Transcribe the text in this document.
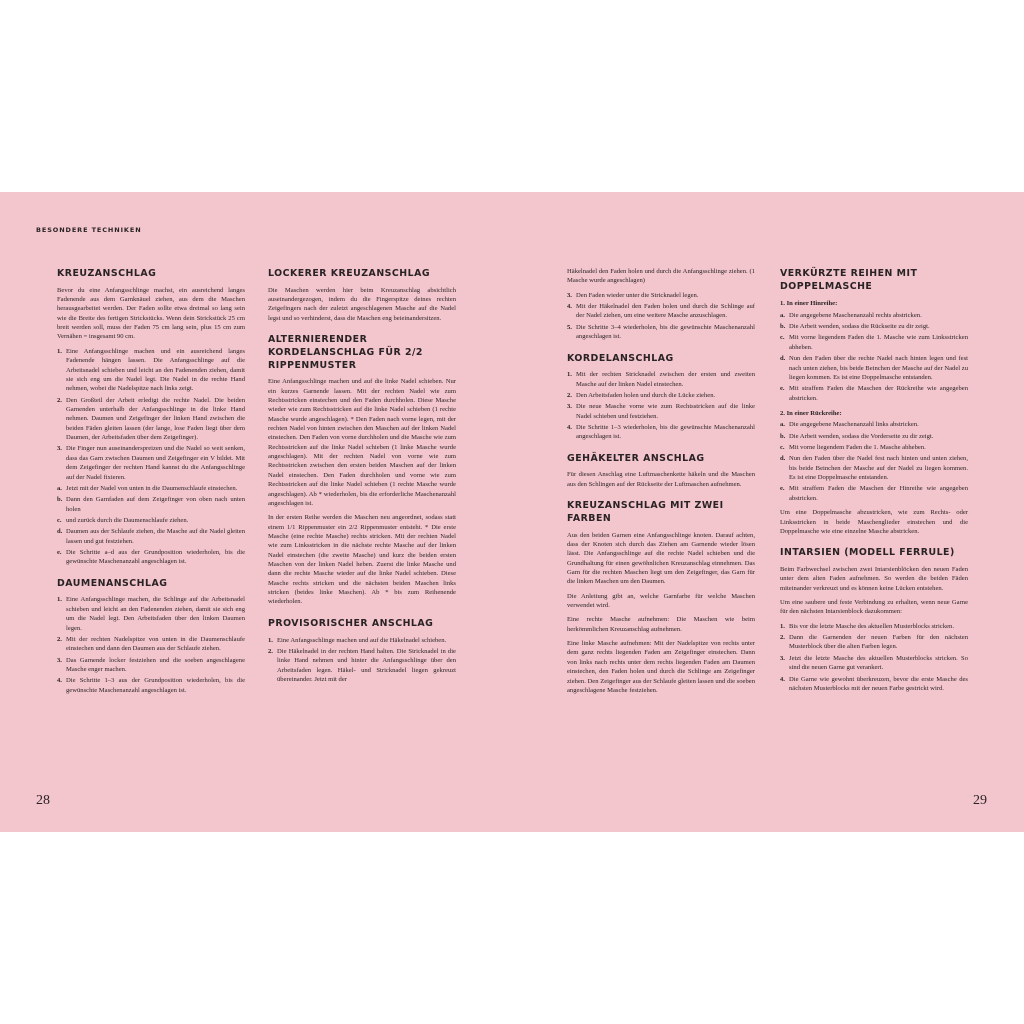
BESONDERE TECHNIKEN
KREUZANSCHLAG

Bevor du eine Anfangsschlinge machst, ein ausreichend langes Fadenende aus dem Garnknäuel ziehen, aus dem die Maschen herausgearbeitet werden. Der Faden sollte etwa dreimal so lang sein wie die Breite des fertigen Strickstücks. Wenn dein Strickstück 25 cm breit werden soll, muss der Faden 75 cm lang sein, plus 15 cm zum Vernähen = insgesamt 90 cm.

1. Eine Anfangsschlinge machen und ein ausreichend langes Fadenende hängen lassen. Die Anfangsschlinge auf die Arbeitsnadel schieben und leicht an den Fadenenden ziehen, damit sie sich eng um die Nadel legt. Die Nadel in die rechte Hand nehmen, wobei die Nadelspitze nach links zeigt.
2. Den Großteil der Arbeit erledigt die rechte Nadel. Die beiden Garnenden unterhalb der Anfangsschlinge in die linke Hand nehmen. Daumen und Zeigefinger der linken Hand zwischen die beiden Fäden gleiten lassen (der lange, lose Faden liegt über dem Daumen, der Arbeitsfaden über dem Zeigefinger).
3. Die Finger nun auseinanderspreizen und die Nadel so weit senken, dass das Garn zwischen Daumen und Zeigefinger ein V bildet. Mit dem Zeigefinger der rechten Hand kannst du die Anfangsschlinge auf der Nadel fixieren.
a. Jetzt mit der Nadel von unten in die Daumenschlaufe einstechen.
b. Dann den Garnfaden auf dem Zeigefinger von oben nach unten holen
c. und zurück durch die Daumenschlaufe ziehen.
d. Daumen aus der Schlaufe ziehen, die Masche auf die Nadel gleiten lassen und gut festziehen.
e. Die Schritte a–d aus der Grundposition wiederholen, bis die gewünschte Maschenanzahl angeschlagen ist.
DAUMENANSCHLAG
1. Eine Anfangsschlinge machen, die Schlinge auf die Arbeitsnadel schieben und leicht an den Fadenenden ziehen, damit sie sich eng um die Nadel legt. Den Arbeitsfaden über den linken Daumen legen.
2. Mit der rechten Nadelspitze von unten in die Daumenschlaufe einstechen und dann den Daumen aus der Schlaufe ziehen.
3. Das Garnende locker festziehen und die soeben angeschlagene Masche enger machen.
4. Die Schritte 1–3 aus der Grundposition wiederholen, bis die gewünschte Maschenanzahl angeschlagen ist.
LOCKERER KREUZANSCHLAG

Die Maschen werden hier beim Kreuzanschlag absichtlich auseinandergezogen, indem du die Fingerspitze deines rechten Zeigefingers nach der zuletzt angeschlagenen Masche auf die Nadel legst und so verhinderst, dass die Maschen eng beieinandersitzen.

ALTERNIERENDER KORDELANSCHLAG FÜR 2/2 RIPPENMUSTER

Eine Anfangsschlinge machen und auf die linke Nadel schieben. Nur ein kurzes Garnende lassen. Mit der rechten Nadel wie zum Rechtsstricken einstechen und den Faden durchholen. Diese Masche wieder wie zum Rechtsstricken auf die linke Nadel schieben (1 rechte Masche wurde angeschlagen). * Den Faden nach vorne legen, mit der rechten Nadel von hinten zwischen den Maschen auf der linken Nadel einstechen. Den Faden von vorne durchholen und die Masche wie zum Rechtsstricken auf die linke Nadel schieben (1 linke Masche wurde angeschlagen). Mit der rechten Nadel von vorne wie zum Rechtsstricken zwischen den ersten beiden Maschen auf der linken Nadel einstechen. Den Faden durchholen und vorne wie zum Rechtsstricken auf die linke Nadel schieben (1 rechte Masche wurde angeschlagen). Ab * wiederholen, bis die erforderliche Maschenanzahl angeschlagen ist.

In der ersten Reihe werden die Maschen neu angeordnet, sodass statt einem 1/1 Rippenmuster ein 2/2 Rippenmuster entsteht. * Die erste Masche (eine rechte Masche) rechts stricken. Mit der rechten Nadel wie zum Linksstricken in die nächste rechte Masche auf der linken Nadel einstechen (die zweite Masche) und kurz die beiden ersten Maschen von der linken Nadel heben. Zuerst die linke Masche und dann die rechte Masche wieder auf die linke Nadel schieben. Diese Masche rechts stricken und die nächsten beiden Maschen links stricken (beides linke Maschen). Ab * bis zum Reihenende wiederholen.

PROVISORISCHER ANSCHLAG
1. Eine Anfangsschlinge machen und auf die Häkelnadel schieben.
2. Die Häkelnadel in der rechten Hand halten. Die Stricknadel in die linke Hand nehmen und hinter die Anfangsschlinge über den Arbeitsfaden legen. Häkel- und Stricknadel liegen gekreuzt übereinander. Jetzt mit der

Häkelnadel den Faden holen und durch die Anfangsschlinge ziehen. (1 Masche wurde angeschlagen)

3. Den Faden wieder unter die Stricknadel legen.
4. Mit der Häkelnadel den Faden holen und durch die Schlinge auf der Nadel ziehen, um eine weitere Masche anzuschlagen.
5. Die Schritte 3–4 wiederholen, bis die gewünschte Maschenanzahl angeschlagen ist.
KORDELANSCHLAG
1. Mit der rechten Stricknadel zwischen der ersten und zweiten Masche auf der linken Nadel einstechen.
2. Den Arbeitsfaden holen und durch die Lücke ziehen.
3. Die neue Masche vorne wie zum Rechtsstricken auf die linke Nadel schieben und festziehen.
4. Die Schritte 1–3 wiederholen, bis die gewünschte Maschenanzahl angeschlagen ist.
GEHÄKELTER ANSCHLAG

Für diesen Anschlag eine Luftmaschenkette häkeln und die Maschen aus den Schlingen auf der Rückseite der Luftmaschen aufnehmen.

KREUZANSCHLAG MIT ZWEI FARBEN

Aus den beiden Garnen eine Anfangsschlinge knoten. Darauf achten, dass der Knoten sich durch das Ziehen am Garnende wieder lösen lässt. Die Anfangsschlinge auf die rechte Nadel schieben und die Grundhaltung für einen gewöhnlichen Kreuzanschlag einnehmen. Das Garn für die rechten Maschen liegt um den Zeigefinger, das Garn für die linken Maschen um den Daumen.

Die Anleitung gibt an, welche Garnfarbe für welche Maschen verwendet wird.

Eine rechte Masche aufnehmen: Die Maschen wie beim herkömmlichen Kreuzanschlag aufnehmen.

Eine linke Masche aufnehmen: Mit der Nadelspitze von rechts unter dem ganz rechts liegenden Faden am Zeigefinger einstechen. Dann von links nach rechts unter dem rechts liegenden Faden am Daumen einstechen, den Faden holen und durch die Schlinge am Zeigefinger ziehen. Den Zeigefinger aus der Schlaufe gleiten lassen und die soeben angeschlagene Masche festziehen.

VERKÜRZTE REIHEN MIT DOPPELMASCHE
1. In einer Hinreihe:
a. Die angegebene Maschenanzahl rechts abstricken.
b. Die Arbeit wenden, sodass die Rückseite zu dir zeigt.
c. Mit vorne liegendem Faden die 1. Masche wie zum Linksstricken abheben.
d. Nun den Faden über die rechte Nadel nach hinten legen und fest nach unten ziehen, bis beide Beinchen der Masche auf der Nadel zu liegen kommen. Es ist eine Doppelmasche entstanden.
e. Mit straffem Faden die Maschen der Rückreihe wie angegeben abstricken.
2. In einer Rückreihe:
a. Die angegebene Maschenanzahl links abstricken.
b. Die Arbeit wenden, sodass die Vorderseite zu dir zeigt.
c. Mit vorne liegendem Faden die 1. Masche abheben.
d. Nun den Faden über die Nadel fest nach hinten und unten ziehen, bis beide Beinchen der Masche auf der Nadel zu liegen kommen. Es ist eine Doppelmasche entstanden.
e. Mit straffem Faden die Maschen der Hinreihe wie angegeben abstricken.

Um eine Doppelmasche abzustricken, wie zum Rechts- oder Linksstricken in beide Maschenglieder einstechen und die Doppelmasche wie eine einzelne Masche abstricken.

INTARSIEN (MODELL FERRULE)

Beim Farbwechsel zwischen zwei Intarsienblöcken den neuen Faden unter dem alten Faden aufnehmen. So werden die beiden Fäden miteinander verkreuzt und es können keine Lücken entstehen.

Um eine saubere und feste Verbindung zu erhalten, wenn neue Garne für den nächsten Intarsienblock dazukommen:

1. Bis vor die letzte Masche des aktuellen Musterblocks stricken.
2. Dann die Garnenden der neuen Farben für den nächsten Musterblock über die alten Farben legen.
3. Jetzt die letzte Masche des aktuellen Musterblocks stricken. So sind die neuen Garne gut verankert.
4. Die Garne wie gewohnt überkreuzen, bevor die erste Masche des nächsten Musterblocks mit der neuen Farbe gestrickt wird.
28	29
